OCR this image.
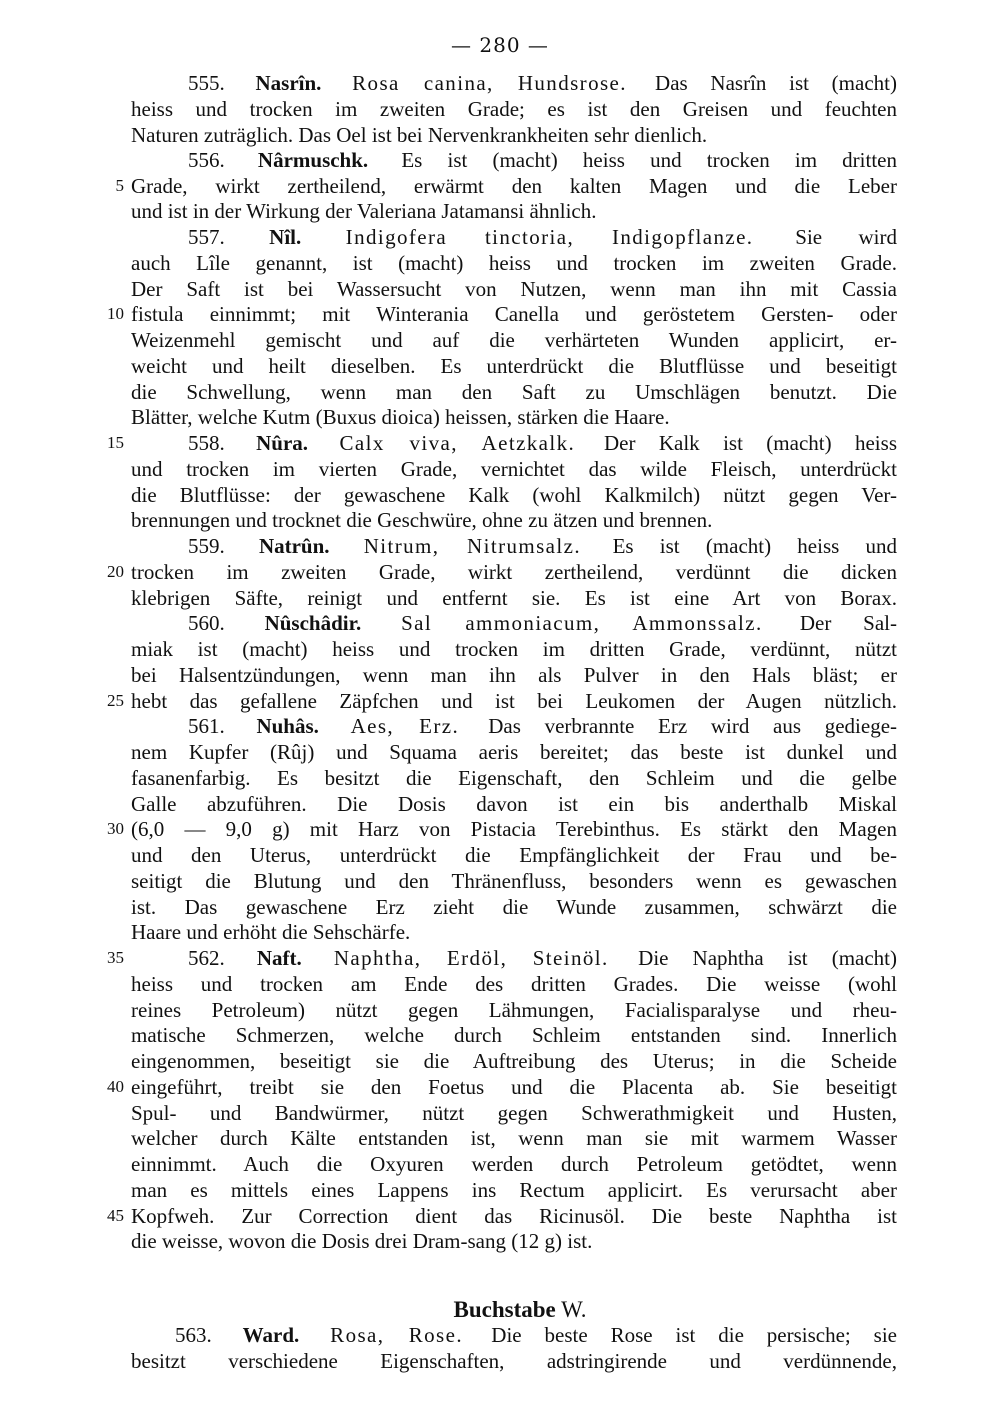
— 280 —
555. Nasrîn. Rosa canina, Hundsrose. Das Nasrîn ist (macht)
heiss und trocken im zweiten Grade; es ist den Greisen und feuchten
Naturen zuträglich. Das Oel ist bei Nervenkrankheiten sehr dienlich.
556. Nârmuschk. Es ist (macht) heiss und trocken im dritten
5 Grade, wirkt zertheilend, erwärmt den kalten Magen und die Leber
und ist in der Wirkung der Valeriana Jatamansi ähnlich.
557. Nîl. Indigofera tinctoria, Indigopflanze. Sie wird
auch Lîle genannt, ist (macht) heiss und trocken im zweiten Grade.
Der Saft ist bei Wassersucht von Nutzen, wenn man ihn mit Cassia
10 fistula einnimmt; mit Winterania Canella und geröstetem Gersten- oder
Weizenmehl gemischt und auf die verhärteten Wunden applicirt, er-
weicht und heilt dieselben. Es unterdrückt die Blutflüsse und beseitigt
die Schwellung, wenn man den Saft zu Umschlägen benutzt. Die
Blätter, welche Kutm (Buxus dioica) heissen, stärken die Haare.
15	558. Nûra. Calx viva, Aetzkalk. Der Kalk ist (macht) heiss
und trocken im vierten Grade, vernichtet das wilde Fleisch, unterdrückt
die Blutflüsse: der gewaschene Kalk (wohl Kalkmilch) nützt gegen Ver-
brennungen und trocknet die Geschwüre, ohne zu ätzen und brennen.
559. Natrûn. Nitrum, Nitrumsalz. Es ist (macht) heiss und
20 trocken im zweiten Grade, wirkt zertheilend, verdünnt die dicken
klebrigen Säfte, reinigt und entfernt sie. Es ist eine Art von Borax.
560. Nûschâdir. Sal ammoniacum, Ammonssalz. Der Sal-
miak ist (macht) heiss und trocken im dritten Grade, verdünnt, nützt
bei Halsentzündungen, wenn man ihn als Pulver in den Hals bläst; er
25 hebt das gefallene Zäpfchen und ist bei Leukomen der Augen nützlich.
561. Nuhâs. Aes, Erz. Das verbrannte Erz wird aus gediege-
nem Kupfer (Rûj) und Squama aeris bereitet; das beste ist dunkel und
fasanenfarbig. Es besitzt die Eigenschaft, den Schleim und die gelbe
Galle abzuführen. Die Dosis davon ist ein bis anderthalb Miskal
30 (6,0 — 9,0 g) mit Harz von Pistacia Terebinthus. Es stärkt den Magen
und den Uterus, unterdrückt die Empfänglichkeit der Frau und be-
seitigt die Blutung und den Thränenfluss, besonders wenn es gewaschen
ist. Das gewaschene Erz zieht die Wunde zusammen, schwärzt die
Haare und erhöht die Sehschärfe.
35	562. Naft. Naphtha, Erdöl, Steinöl. Die Naphtha ist (macht)
heiss und trocken am Ende des dritten Grades. Die weisse (wohl
reines Petroleum) nützt gegen Lähmungen, Facialisparalyse und rheu-
matische Schmerzen, welche durch Schleim entstanden sind. Innerlich
eingenommen, beseitigt sie die Auftreibung des Uterus; in die Scheide
40 eingeführt, treibt sie den Foetus und die Placenta ab. Sie beseitigt
Spul- und Bandwürmer, nützt gegen Schwerathmigkeit und Husten,
welcher durch Kälte entstanden ist, wenn man sie mit warmem Wasser
einnimmt. Auch die Oxyuren werden durch Petroleum getödtet, wenn
man es mittels eines Lappens ins Rectum applicirt. Es verursacht aber
45 Kopfweh. Zur Correction dient das Ricinusöl. Die beste Naphtha ist
die weisse, wovon die Dosis drei Dram-sang (12 g) ist.
563. Ward. Rosa, Rose. Die beste Rose ist die persische; sie
besitzt verschiedene Eigenschaften, adstringirende und verdünnende,
Buchstabe W.
